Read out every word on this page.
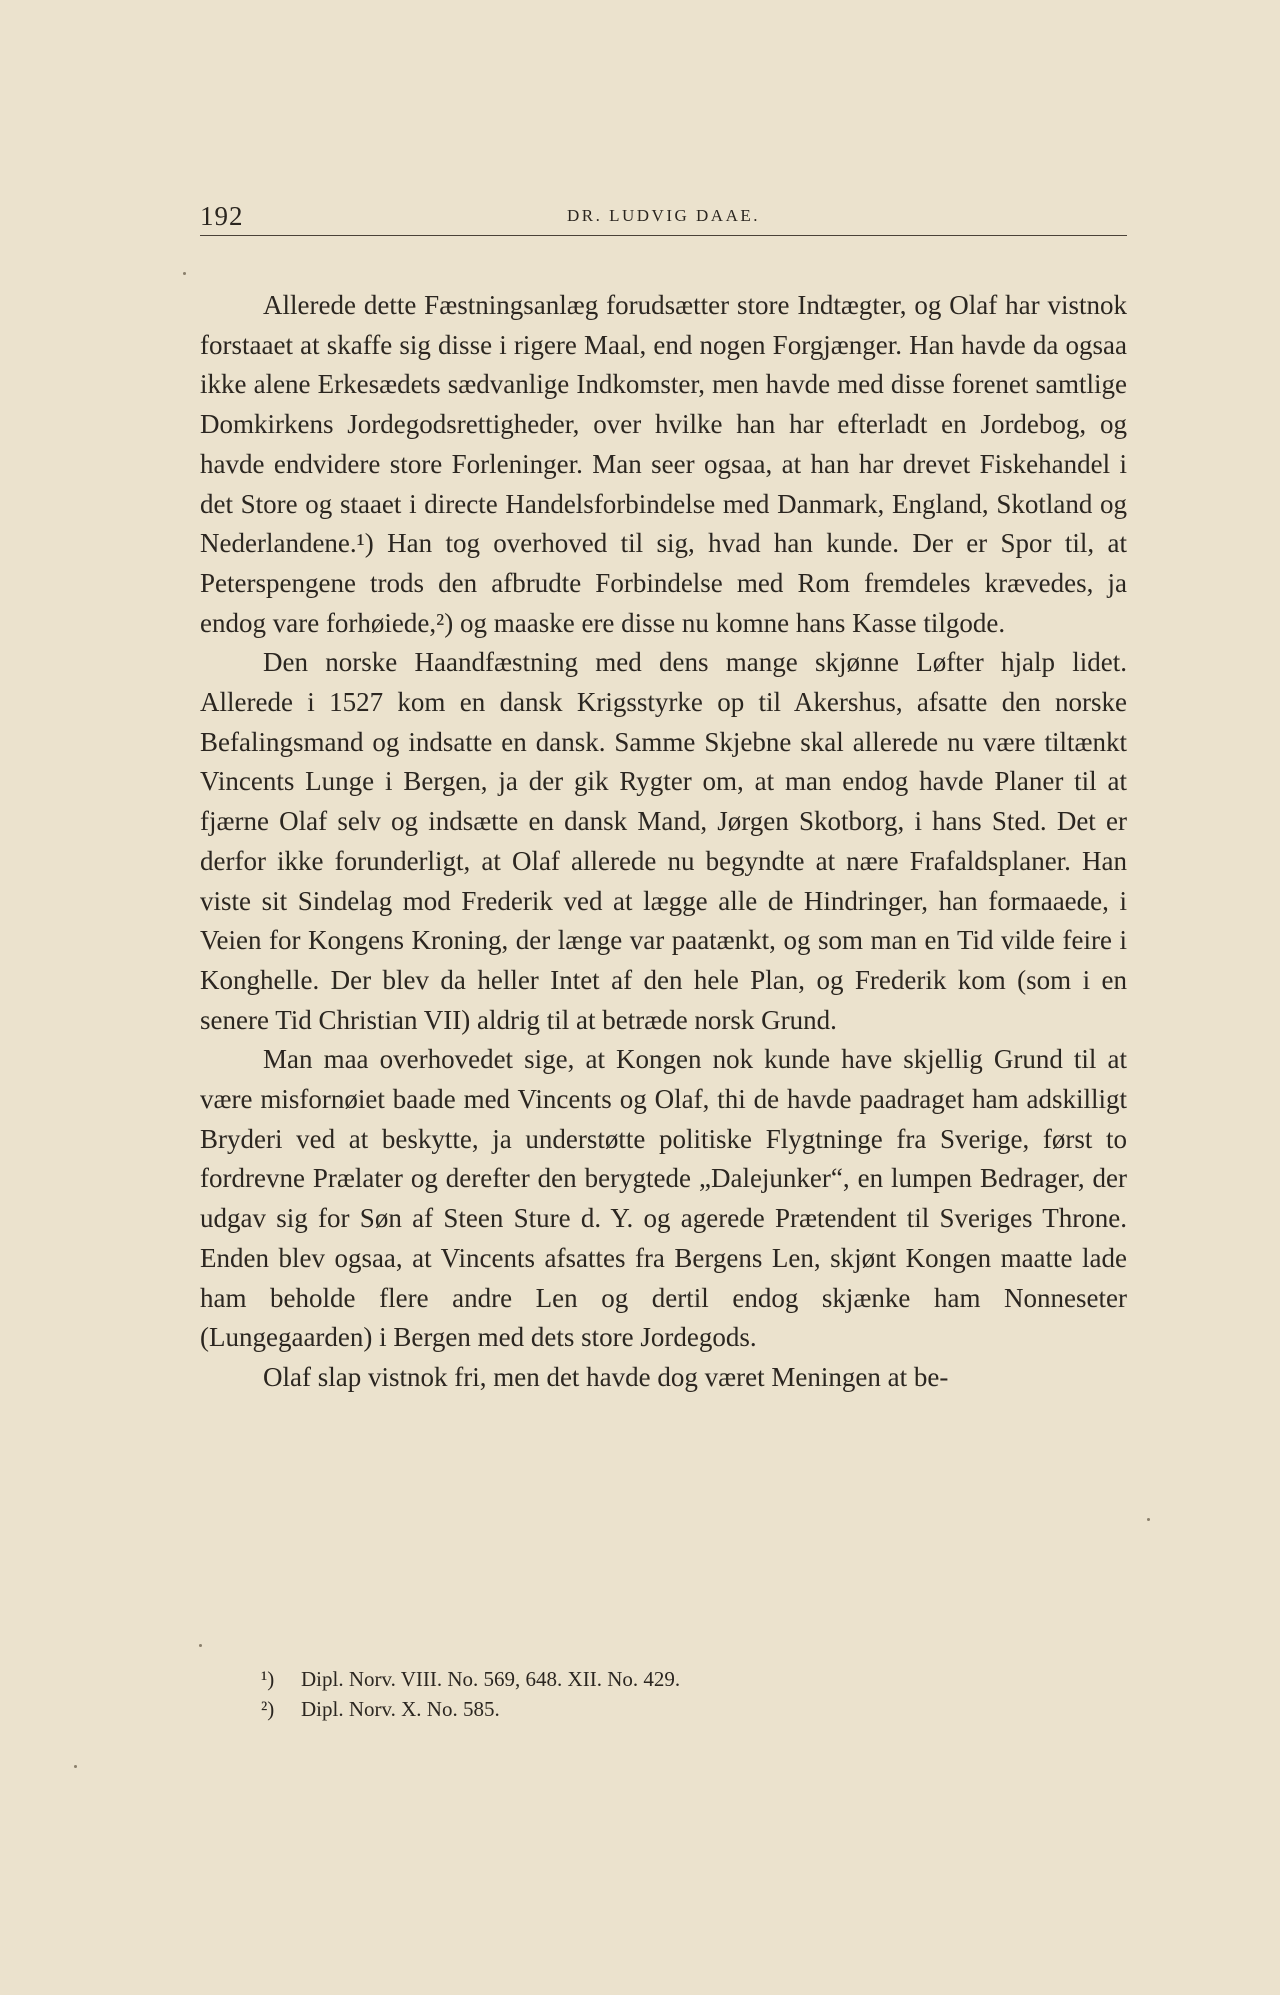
192	DR. LUDVIG DAAE.

Allerede dette Fæstningsanlæg forudsætter store Indtægter, og Olaf har vistnok forstaaet at skaffe sig disse i rigere Maal, end nogen Forgjænger. Han havde da ogsaa ikke alene Erkesædets sædvanlige Indkomster, men havde med disse forenet samtlige Domkirkens Jordegodsrettigheder, over hvilke han har efterladt en Jordebog, og havde endvidere store Forleninger. Man seer ogsaa, at han har drevet Fiskehandel i det Store og staaet i directe Handelsforbindelse med Danmark, England, Skotland og Nederlandene.¹) Han tog overhoved til sig, hvad han kunde. Der er Spor til, at Peterspengene trods den afbrudte Forbindelse med Rom fremdeles krævedes, ja endog vare forhøiede,²) og maaske ere disse nu komne hans Kasse tilgode.

Den norske Haandfæstning med dens mange skjønne Løfter hjalp lidet. Allerede i 1527 kom en dansk Krigsstyrke op til Akershus, afsatte den norske Befalingsmand og indsatte en dansk. Samme Skjebne skal allerede nu være tiltænkt Vincents Lunge i Bergen, ja der gik Rygter om, at man endog havde Planer til at fjærne Olaf selv og indsætte en dansk Mand, Jørgen Skotborg, i hans Sted. Det er derfor ikke forunderligt, at Olaf allerede nu begyndte at nære Frafaldsplaner. Han viste sit Sindelag mod Frederik ved at lægge alle de Hindringer, han formaaede, i Veien for Kongens Kroning, der længe var paatænkt, og som man en Tid vilde feire i Konghelle. Der blev da heller Intet af den hele Plan, og Frederik kom (som i en senere Tid Christian VII) aldrig til at betræde norsk Grund.

Man maa overhovedet sige, at Kongen nok kunde have skjellig Grund til at være misfornøiet baade med Vincents og Olaf, thi de havde paadraget ham adskilligt Bryderi ved at beskytte, ja understøtte politiske Flygtninge fra Sverige, først to fordrevne Prælater og derefter den berygtede „Dalejunker“, en lumpen Bedrager, der udgav sig for Søn af Steen Sture d. Y. og agerede Prætendent til Sveriges Throne. Enden blev ogsaa, at Vincents afsattes fra Bergens Len, skjønt Kongen maatte lade ham beholde flere andre Len og dertil endog skjænke ham Nonneseter (Lungegaarden) i Bergen med dets store Jordegods.

Olaf slap vistnok fri, men det havde dog været Meningen at be-

¹) Dipl. Norv. VIII. No. 569, 648. XII. No. 429.
²) Dipl. Norv. X. No. 585.
